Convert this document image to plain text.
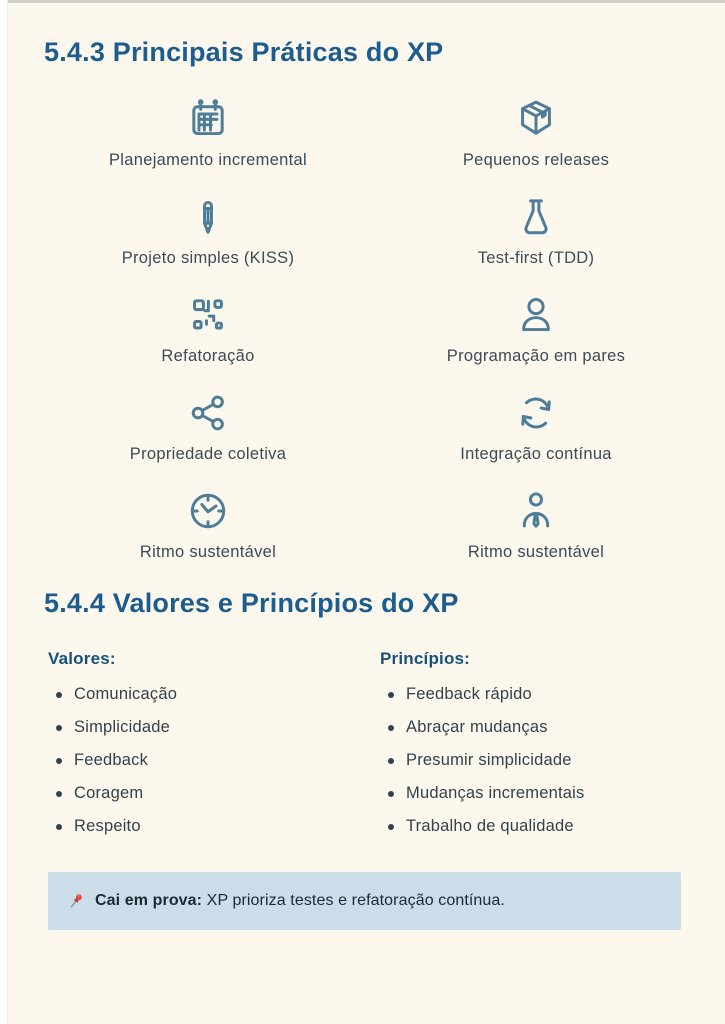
5.4.3 Principais Práticas do XP
Planejamento incremental	Pequenos releases
Projeto simples (KISS)	Test-first (TDD)
Refatoração	Programação em pares
Propriedade coletiva	Integração contínua
Ritmo sustentável	Ritmo sustentável
5.4.4 Valores e Princípios do XP
Valores:
Comunicação
Simplicidade
Feedback
Coragem
Respeito
Princípios:
Feedback rápido
Abraçar mudanças
Presumir simplicidade
Mudanças incrementais
Trabalho de qualidade
Cai em prova: XP prioriza testes e refatoração contínua.
